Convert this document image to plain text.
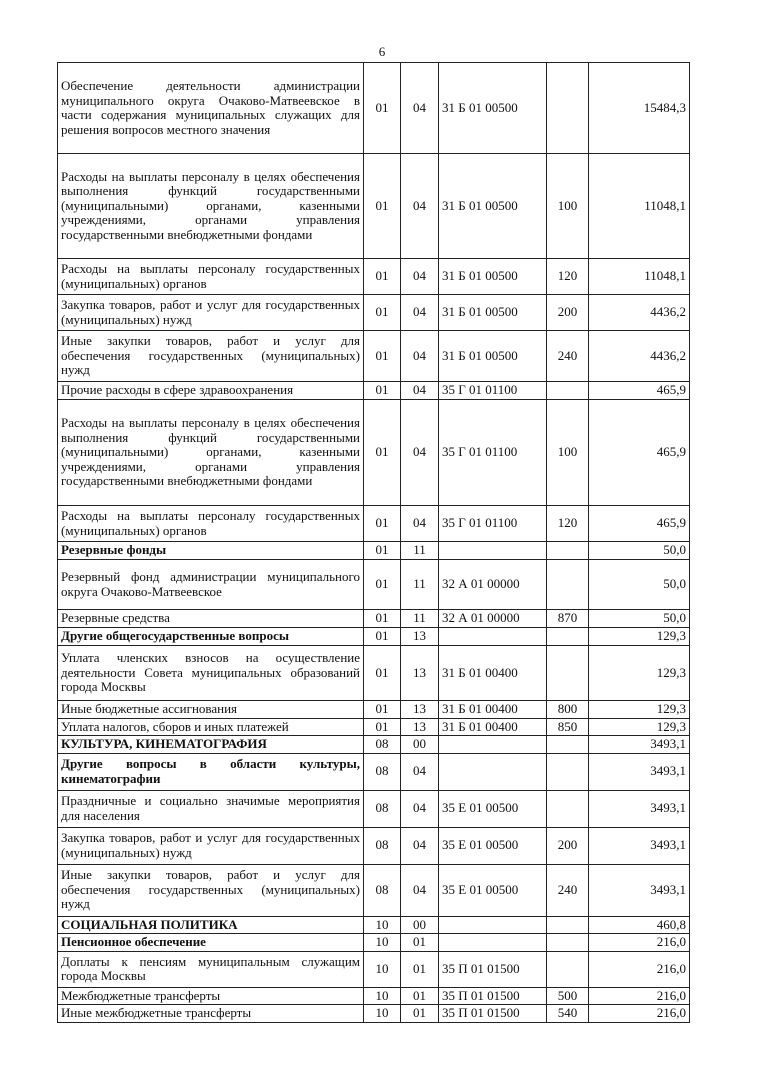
6
Обеспечение деятельности администрации муниципального округа Очаково-Матвеевское в части содержания муниципальных служащих для решения вопросов местного значения	01	04	31 Б 01 00500		15484,3
Расходы на выплаты персоналу в целях обеспечения выполнения функций государственными (муниципальными) органами, казенными учреждениями, органами управления государственными внебюджетными фондами	01	04	31 Б 01 00500	100	11048,1
Расходы на выплаты персоналу государственных (муниципальных) органов	01	04	31 Б 01 00500	120	11048,1
Закупка товаров, работ и услуг для государственных (муниципальных) нужд	01	04	31 Б 01 00500	200	4436,2
Иные закупки товаров, работ и услуг для обеспечения государственных (муниципальных) нужд	01	04	31 Б 01 00500	240	4436,2
Прочие расходы в сфере здравоохранения	01	04	35 Г 01 01100		465,9
Расходы на выплаты персоналу в целях обеспечения выполнения функций государственными (муниципальными) органами, казенными учреждениями, органами управления государственными внебюджетными фондами	01	04	35 Г 01 01100	100	465,9
Расходы на выплаты персоналу государственных (муниципальных) органов	01	04	35 Г 01 01100	120	465,9
Резервные фонды	01	11			50,0
Резервный фонд администрации муниципального округа Очаково-Матвеевское	01	11	32 А 01 00000		50,0
Резервные средства	01	11	32 А 01 00000	870	50,0
Другие общегосударственные вопросы	01	13			129,3
Уплата членских взносов на осуществление деятельности Совета муниципальных образований города Москвы	01	13	31 Б 01 00400		129,3
Иные бюджетные ассигнования	01	13	31 Б 01 00400	800	129,3
Уплата налогов, сборов и иных платежей	01	13	31 Б 01 00400	850	129,3
КУЛЬТУРА, КИНЕМАТОГРАФИЯ	08	00			3493,1
Другие вопросы в области культуры, кинематографии	08	04			3493,1
Праздничные и социально значимые мероприятия для населения	08	04	35 Е 01 00500		3493,1
Закупка товаров, работ и услуг для государственных (муниципальных) нужд	08	04	35 Е 01 00500	200	3493,1
Иные закупки товаров, работ и услуг для обеспечения государственных (муниципальных) нужд	08	04	35 Е 01 00500	240	3493,1
СОЦИАЛЬНАЯ ПОЛИТИКА	10	00			460,8
Пенсионное обеспечение	10	01			216,0
Доплаты к пенсиям муниципальным служащим города Москвы	10	01	35 П 01 01500		216,0
Межбюджетные трансферты	10	01	35 П 01 01500	500	216,0
Иные межбюджетные трансферты	10	01	35 П 01 01500	540	216,0
